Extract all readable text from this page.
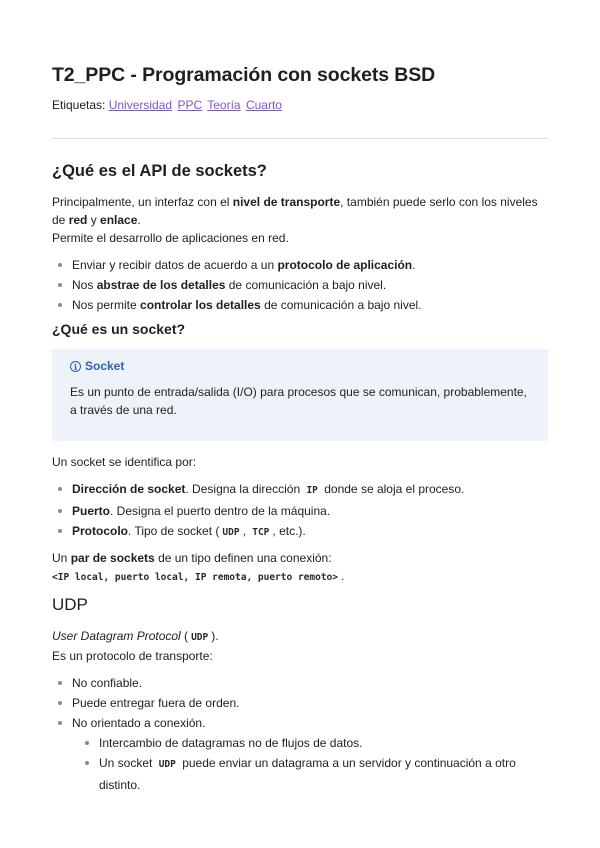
T2_PPC - Programación con sockets BSD
Etiquetas: Universidad PPC Teoría Cuarto
¿Qué es el API de sockets?

Principalmente, un interfaz con el nivel de transporte, también puede serlo con los niveles de red y enlace.

Permite el desarrollo de aplicaciones en red.

Enviar y recibir datos de acuerdo a un protocolo de aplicación.
Nos abstrae de los detalles de comunicación a bajo nivel.
Nos permite controlar los detalles de comunicación a bajo nivel.
¿Qué es un socket?
i Socket

Es un punto de entrada/salida (I/O) para procesos que se comunican, probablemente, a través de una red.

Un socket se identifica por:

Dirección de socket. Designa la dirección IP donde se aloja el proceso.
Puerto. Designa el puerto dentro de la máquina.
Protocolo. Tipo de socket ( UDP , TCP , etc.).

Un par de sockets de un tipo definen una conexión:

<IP local, puerto local, IP remota, puerto remoto> .

UDP

User Datagram Protocol ( UDP ).

Es un protocolo de transporte:

No confiable.
Puede entregar fuera de orden.
No orientado a conexión.
Intercambio de datagramas no de flujos de datos.
Un socket UDP puede enviar un datagrama a un servidor y continuación a otro distinto.
